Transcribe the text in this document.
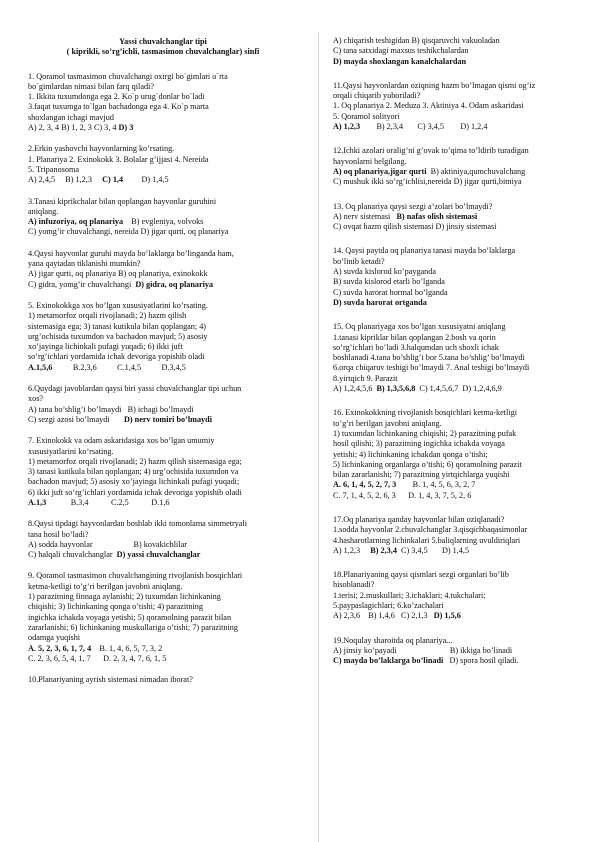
Yassi chuvalchanglar tipi
( kiprikli, so’rg’ichli, tasmasimon chuvalchanglar) sinfi
1. Qoramol tasmasimon chuvalchangi oxirgi bo`gimlari o`rta
bo`gimlardan nimasi bilan farq qiladi?
1. Ikkita tuxumdonga ega 2. Ko`p urug`donlar bo`ladi
3.faqat tuxumga to`lgan bachadonga ega 4. Ko`p marta
shoxlangan ichagi mavjud
A) 2, 3, 4 B) 1, 2, 3 C) 3, 4 D) 3
2.Erkin yashovchi hayvonlarning ko’rsating.
1. Planariya 2. Exinokokk 3. Bolalar g’ijjasi 4. Nereida
5. Tripanosoma
A) 2,4,5 B) 1,2,3 C) 1,4 D) 1,4,5
3.Tanasi kiprikchalar bilan qoplangan hayvonlar guruhini
aniqlang.
A) infuzoriya, oq planariya B) evgleniya, volvoks
C) yomg’ir chuvalchangi, nereida D) jigar qurti, oq planariya
4.Qaysi hayvonlar guruhi mayda bo’laklarga bo’linganda ham,
yana qaytadan tiklanishi mumkin?
A) jigar qurti, oq planariya B) oq planariya, exinokokk
C) gidra, yomg’ir chuvalchangi D) gidra, oq planariya
5. Exinokokkga xos bo’lgan xususiyatlarini ko’rsating.
1) metamorfoz orqali rivojlanadi; 2) hazm qilish
sistemasiga ega; 3) tanasi kutikula bilan qoplangan; 4)
urg’ochisida tuxumdon va bachadon mavjud; 5) asosiy
xo’jayinga lichinkali pufagi yuqadi; 6) ikki juft
so’rg’ichlari yordamida ichak devoriga yopishib oladi
A.1,5,6 B.2,3,6 C.1,4,5 D.3,4,5
6.Quydagi javoblardan qaysi biri yassi chuvalchanglar tipi uchun
xos?
A) tana bo’shlig’i bo’lmaydi B) ichagi bo’lmaydi
C) sezgi azosi bo’lmaydi D) nerv tomiri bo’lmaydi
7. Exinokokk va odam askaridasiga xos bo’lgan umumiy
xususiyatlarini ko’rsating.
1) metamorfoz orqali rivojlanadi; 2) hazm qilish sistemasiga ega;
3) tanasi kutikula bilan qoplangan; 4) urg’ochisida tuxumdon va
bachadon mavjud; 5) asosiy xo’jayinga lichinkali pufagi yuqadi;
6) ikki juft so’rg’ichlari yordamida ichak devoriga yopishib oladi
A.1,3	B.3,4	C.2,5	D.1,6
8.Qaysi tipdagi hayvonlardan boshlab ikki tomonlama simmetryali
tana hosil bo’ladi?
A) sodda hayvonlar	B) kovakichlilar
C) halqali chuvalchanglar D) yassi chuvalchanglar
9. Qoramol tasmasimon chuvalchangining rivojlanish bosqichlari
ketma-ketligi to’g’ri berilgan javobni aniqlang.
1) parazitning finnaga aylanishi; 2) tuxumdan lichinkaning
chiqishi; 3) lichinkaning qonga o’tishi; 4) parazitning
ingichka ichakda voyaga yetishi; 5) qoramolning parazit bilan
zararlanishi; 6) lichinkaning muskullariga o’tishi; 7) parazitning
odamga yuqishi
A. 5, 2, 3, 6, 1, 7, 4 B. 1, 4, 6, 5, 7, 3, 2
C. 2, 3, 6, 5, 4, 1, 7 D. 2, 3, 4, 7, 6, 1, 5
10.Planariyaning ayrish sistemasi nimadan iborat?
A) chiqarish teshigidan B) qisqaruvchi vakuoladan
C) tana satxidagi maxsus teshikchalardan
D) mayda shoxlangan kanalchalardan
11.Qaysi hayvonlardan oziqning hazm bo’lmagan qismi og’iz
orqali chiqarib yuboriladi?
1. Oq planariya 2. Meduza 3. Aktiniya 4. Odam askaridasi
5. Qoramol solityori
A) 1,2,3 B) 2,3,4 C) 3,4,5 D) 1,2,4
12.Ichki azolari oralig’ni g’ovak to’qima to’ldirib turadigan
hayvonlarni belgilang.
A) oq planariya,jigar qurti B) aktiniya,qumchuvalchang
C) mushuk ikki so’rg’ichlisi,nereida D) jigar qurti,bitniya
13. Oq planariya qaysi sezgi a’zolari bo’lmaydi?
A) nerv sistemasi B) nafas olish sistemasi
C) ovqat hazm qilish sistemasi D) jinsiy sistemasi
14. Qaysi paytda oq planariya tanasi mayda bo’laklarga
bo’linib ketadi?
A) suvda kislorod ko’payganda
B) suvda kislorod etarli bo’lganda
C) suvda harorat hormal bo’lganda
D) suvda harorat ortganda
15. Oq planariyaga xos bo’lgan xususiyatni aniqlang
1.tanasi kipriklar bilan qoplangan 2.bosh va qorin
so’rg’ichlari bo’ladi 3.halqumdan uch shoxli ichak
boshlanadi 4.tana bo’shlig’i bor 5.tana bo’shlig’ bo’lmaydi
6.orqa chiqaruv teshigi bo’lmaydi 7. Anal teshigi bo’lmaydi
8.yirtqich 9. Parazit
A) 1,2,4,5,6 B) 1,3,5,6,8 C) 1,4,5,6,7 D) 1,2,4,6,9
16. Exinokokkning rivojlanish bosqichlari ketma-ketligi
to’g’ri berilgan javobni aniqlang.
1) tuxumdan lichinkaning chiqishi; 2) parazitning pufak
hosil qilishi; 3) parazitning ingichka ichakda voyaga
yetishi; 4) lichinkaning ichakdan qonga o’tishi;
5) lichinkaning organlarga o’tishi; 6) qoramolning parazit
bilan zararlanishi; 7) parazitning yirtqichlarga yuqishi
A. 6, 1, 4, 5, 2, 7, 3 B. 1, 4, 5, 6, 3, 2, 7
C. 7, 1, 4, 5, 2, 6, 3 D. 1, 4, 3, 7, 5, 2, 6
17.Oq planariya qanday hayvonlar bilan oziqlanadi?
1.sodda hayvonlar 2.chuvalchanglar 3.qisqichbaqasimonlar
4.hasharotlarning lichinkalari 5.baliqlarning uvuldiriqlari
A) 1,2,3 B) 2,3,4 C) 3,4,5 D) 1,4,5
18.Planariyaning qaysi qismlari sezgi organlari bo’lib
hisoblanadi?
1.terisi; 2.muskullari; 3.ichaklari; 4.tukchalari;
5.paypaslagichlari; 6.ko’zachalari
A) 2,3,6 B) 1,4,6 C) 2,1,3 D) 1,5,6
19.Noqulay sharoitda oq planariya...
A) jinsiy ko’payadi	B) ikkiga bo’linadi
C) mayda bo’laklarga bo’linadi D) spora hosil qiladi.
